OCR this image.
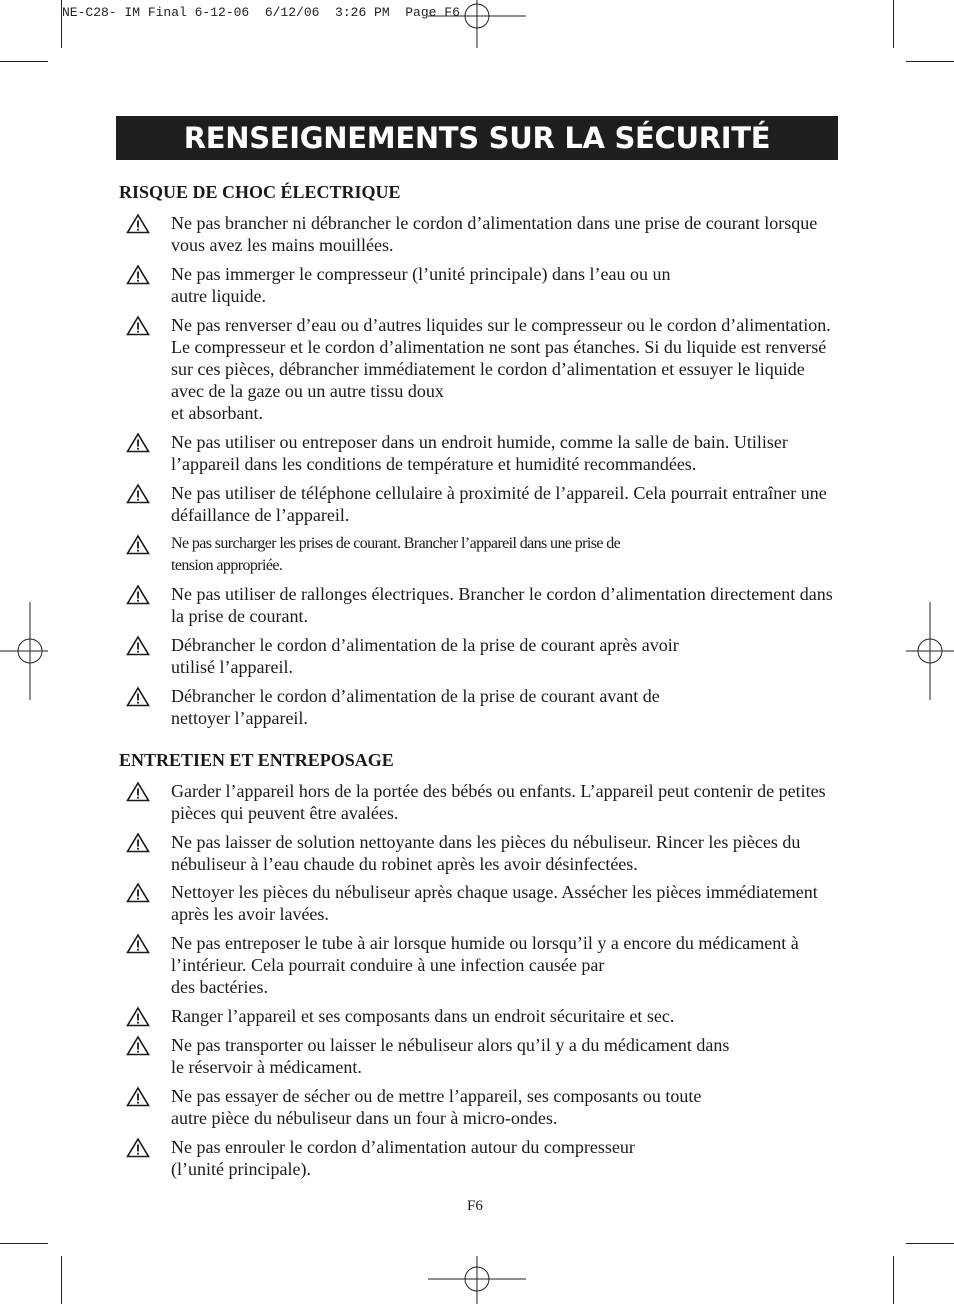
NE-C28- IM Final 6-12-06  6/12/06  3:26 PM  Page F6
RENSEIGNEMENTS SUR LA SÉCURITÉ
RISQUE DE CHOC ÉLECTRIQUE
ENTRETIEN ET ENTREPOSAGE
Ne pas brancher ni débrancher le cordon d’alimentation dans une prise de courant lorsque vous avez les mains mouillées.
Ne pas immerger le compresseur (l’unité principale) dans l’eau ou un
autre liquide.
Ne pas renverser d’eau ou d’autres liquides sur le compresseur ou le cordon d’alimentation. Le compresseur et le cordon d’alimentation ne sont pas étanches. Si du liquide est renversé sur ces pièces, débrancher immédiatement le cordon d’alimentation et essuyer le liquide avec de la gaze ou un autre tissu doux
et absorbant.
Ne pas utiliser ou entreposer dans un endroit humide, comme la salle de bain. Utiliser l’appareil dans les conditions de température et humidité recommandées.
Ne pas utiliser de téléphone cellulaire à proximité de l’appareil. Cela pourrait entraîner une défaillance de l’appareil.
Ne pas surcharger les prises de courant. Brancher l’appareil dans une prise de
tension appropriée.
Ne pas utiliser de rallonges électriques. Brancher le cordon d’alimentation directement dans la prise de courant.
Débrancher le cordon d’alimentation de la prise de courant après avoir
utilisé l’appareil.
Débrancher le cordon d’alimentation de la prise de courant avant de
nettoyer l’appareil.
Garder l’appareil hors de la portée des bébés ou enfants. L’appareil peut contenir de petites pièces qui peuvent être avalées.
Ne pas laisser de solution nettoyante dans les pièces du nébuliseur. Rincer les pièces du nébuliseur à l’eau chaude du robinet après les avoir désinfectées.
Nettoyer les pièces du nébuliseur après chaque usage. Assécher les pièces immédiatement après les avoir lavées.
Ne pas entreposer le tube à air lorsque humide ou lorsqu’il y a encore du médicament à l’intérieur. Cela pourrait conduire à une infection causée par
des bactéries.
Ranger l’appareil et ses composants dans un endroit sécuritaire et sec.
Ne pas transporter ou laisser le nébuliseur alors qu’il y a du médicament dans
le réservoir à médicament.
Ne pas essayer de sécher ou de mettre l’appareil, ses composants ou toute
autre pièce du nébuliseur dans un four à micro-ondes.
Ne pas enrouler le cordon d’alimentation autour du compresseur
(l’unité principale).
F6
